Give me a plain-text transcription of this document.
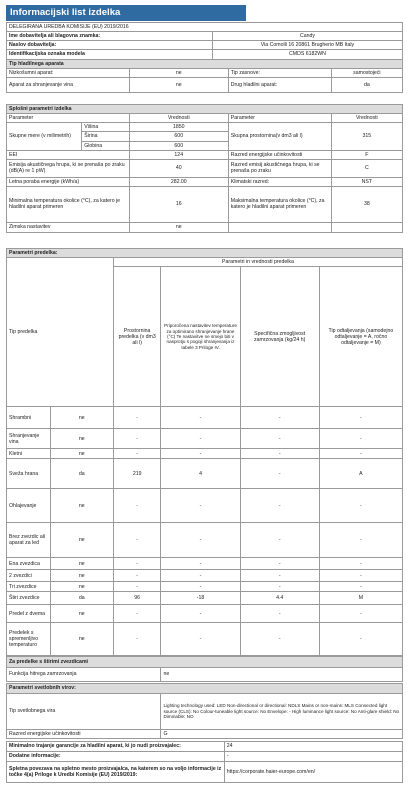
Informacijski list izdelka
DELEGIRANA UREDBA KOMISIJE (EU) 2019/2016	
Ime dobavitelja ali blagovna znamka:	Candy
Naslov dobavitelja:	Via Comolli 16 20861 Brugherio MB Italy
Identifikacijska oznaka modela	CMDS 6182WN
Tip hladilnega aparata			
Nizkošumni aparat:	ne	Tip zasnove:	samostojeći
Aparat za shranjevanje vina	ne	Drug hladilni aparat:	da
Splošni parametri izdelka				
Parameter		Vrednosti	Parameter	Vrednosti
Skupne mere (v milimetrih)	Višina	1850	Skupna prostornina(v dm3 ali l)	315
	Širina	600		
	Globina	600		
EEI		124	Razred energijske učinkovitosti	F
Emisija akustičnega hrupa, ki se prenaša po zraku (dB(A) re 1 pW)		40	Razred emisij akustičnega hrupa, ki se prenaša po zraku	C
Letna poraba energije (kWh/a)		282.00	Klimatski razred:	NST
Minimalna temperatura okolice (°C), za katero je hladilni aparat primeren		16	Maksimalna temperatura okolice (°C), za katero je hladilni aparat primeren	38
Zimska nastavitev		ne		
Parametri predelka:					
Tip predelka		Parametri in vrednosti predelka			
		Prostornina predelka (v dm3 ali l)	Priporočena nastavitev temperature za optimirano shranjevanje hrane (°C) Te nastavitve ne smejo biti v nasprotju s pogoji shranjevanja iz tabele 3 Priloge IV.	Specifična zmogljivost zamrzovanja (kg/24 h)	Tip odtaljevanja (samodejno odtaljevanje = A, ročno odtaljevanje = M)
Shrambni	ne	-	-	-	-
Shranjevanje vina	ne	-	-	-	-
Kletni	ne	-	-	-	-
Sveža hrana	da	219	4	-	A
Ohlajevanje	ne	-	-	-	-
Brez zvezdic ali aparat za led	ne	-	-	-	-
Ena zvezdica	ne	-	-	-	-
2 zvezdici	ne	-	-	-	-
Tri zvezdice	ne	-	-	-	-
Štiri zvezdice	da	96	-18	4.4	M
Predel z dvema	ne	-	-	-	-
Predelek s spremenljivo temperaturo	ne	-	-	-	-
Za predelke s štirimi zvezdicami
Funkcija hitrega zamrzovanja	ne
Parametri svetlobnih virov:	
Tip svetlobnega vira	Lighting technology used: LED Non-directional or directional: NDLS Mains or non-mains: MLS Connected light source (CLS): No Colour-tuneable light source: No Envelope: - High luminance light source: No Anti-glare shield: No Dimmable: NO
Razred energijske učinkovitosti	G
Minimalno trajanje garancije za hladilni aparat, ki jo nudi proizvajalec:	24
Dodatne informacije:	-
Spletna povezava na spletno mesto proizvajalca, na katerem so na voljo informacije iz točke 4(a) Priloge k Uredbi Komisije (EU) 2019/2019:	https://corporate.haier-europe.com/en/
